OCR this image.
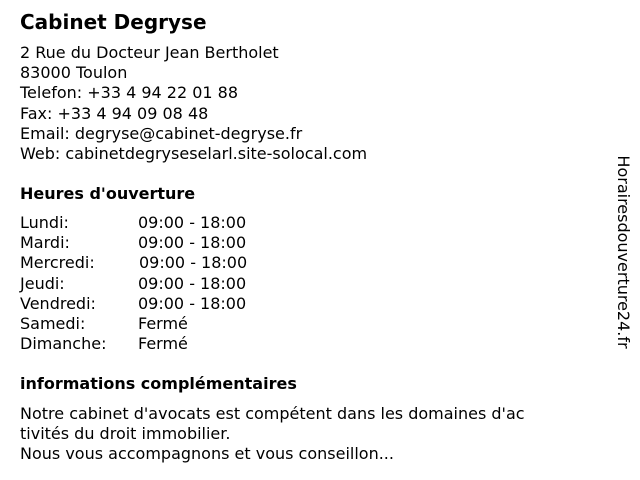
Cabinet Degryse
2 Rue du Docteur Jean Bertholet
83000 Toulon
Telefon: +33 4 94 22 01 88
Fax: +33 4 94 09 08 48
Email: degryse@cabinet-degryse.fr
Web: cabinetdegryseselarl.site-solocal.com
Heures d'ouverture
Lundi:	09:00 - 18:00
Mardi:	09:00 - 18:00
Mercredi:	09:00 - 18:00
Jeudi:	09:00 - 18:00
Vendredi:	09:00 - 18:00
Samedi:	Fermé
Dimanche: Fermé
informations complémentaires
Notre cabinet d'avocats est compétent dans les domaines d'ac
tivités du droit immobilier.
Nous vous accompagnons et vous conseillon...
Horairesdouverture24.fr
